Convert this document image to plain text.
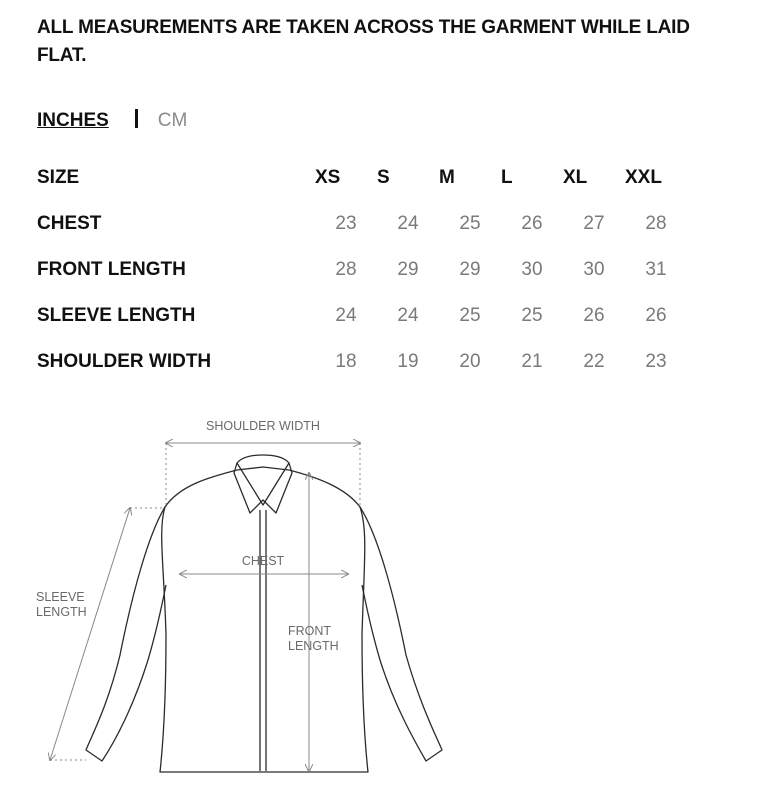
ALL MEASUREMENTS ARE TAKEN ACROSS THE GARMENT WHILE LAID FLAT.
INCHES	CM
SIZE	XS	S	M	L	XL	XXL
CHEST	23	24	25	26	27	28
FRONT LENGTH	28	29	29	30	30	31
SLEEVE LENGTH	24	24	25	25	26	26
SHOULDER WIDTH	18	19	20	21	22	23
SHOULDER WIDTH
CHEST
FRONT
LENGTH
SLEEVE
LENGTH
